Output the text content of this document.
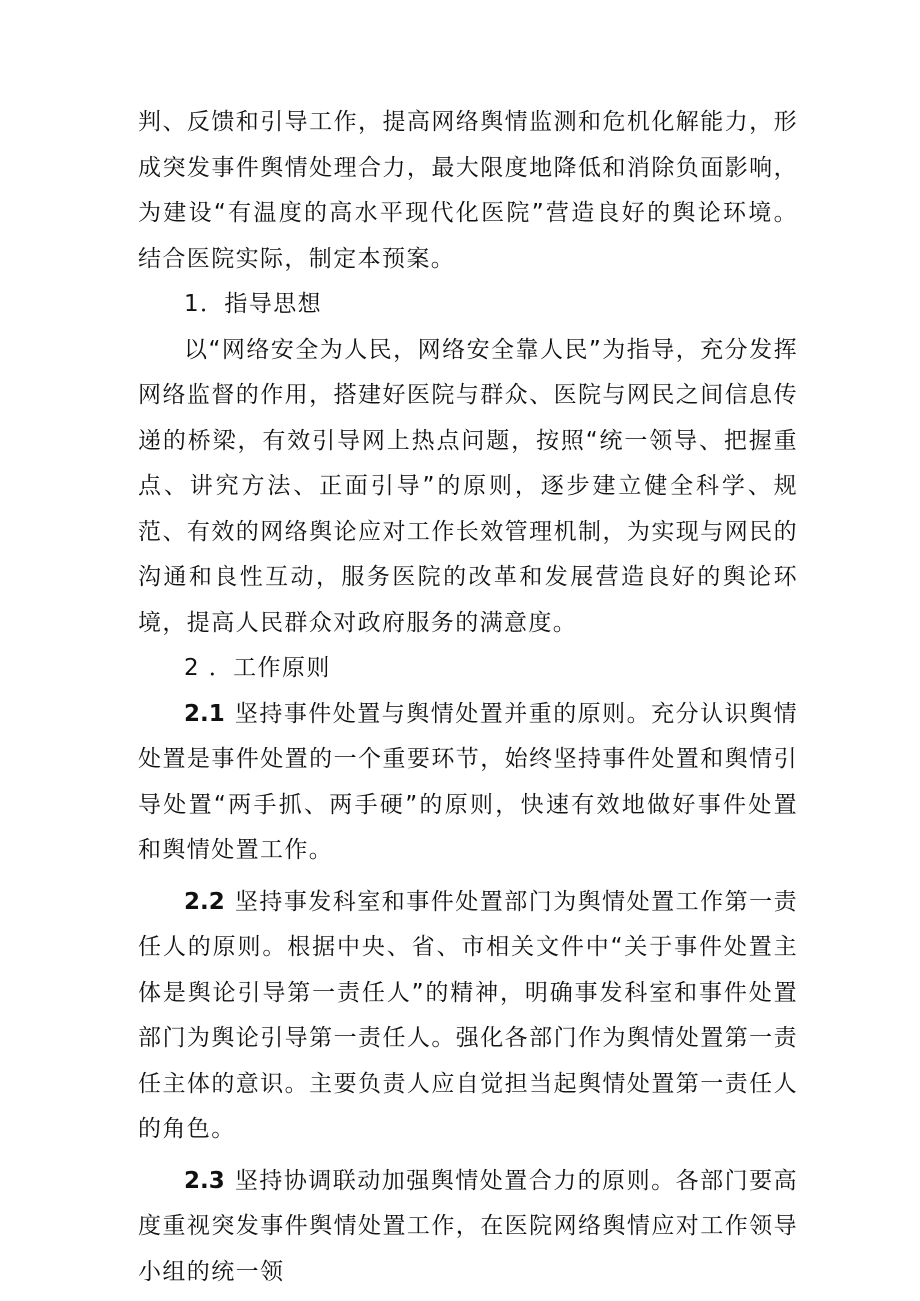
判、反馈和引导工作，提高网络舆情监测和危机化解能力，形成突发事件舆情处理合力，最大限度地降低和消除负面影响，为建设“有温度的高水平现代化医院”营造良好的舆论环境。结合医院实际，制定本预案。

1．指导思想

以“网络安全为人民，网络安全靠人民”为指导，充分发挥网络监督的作用，搭建好医院与群众、医院与网民之间信息传递的桥梁，有效引导网上热点问题，按照“统一领导、把握重点、讲究方法、正面引导”的原则，逐步建立健全科学、规范、有效的网络舆论应对工作长效管理机制，为实现与网民的沟通和良性互动，服务医院的改革和发展营造良好的舆论环境，提高人民群众对政府服务的满意度。

2 ．工作原则

2.1 坚持事件处置与舆情处置并重的原则。充分认识舆情处置是事件处置的一个重要环节，始终坚持事件处置和舆情引导处置“两手抓、两手硬”的原则，快速有效地做好事件处置和舆情处置工作。

2.2 坚持事发科室和事件处置部门为舆情处置工作第一责任人的原则。根据中央、省、市相关文件中“关于事件处置主体是舆论引导第一责任人”的精神，明确事发科室和事件处置部门为舆论引导第一责任人。强化各部门作为舆情处置第一责任主体的意识。主要负责人应自觉担当起舆情处置第一责任人的角色。

2.3 坚持协调联动加强舆情处置合力的原则。各部门要高度重视突发事件舆情处置工作，在医院网络舆情应对工作领导小组的统一领
